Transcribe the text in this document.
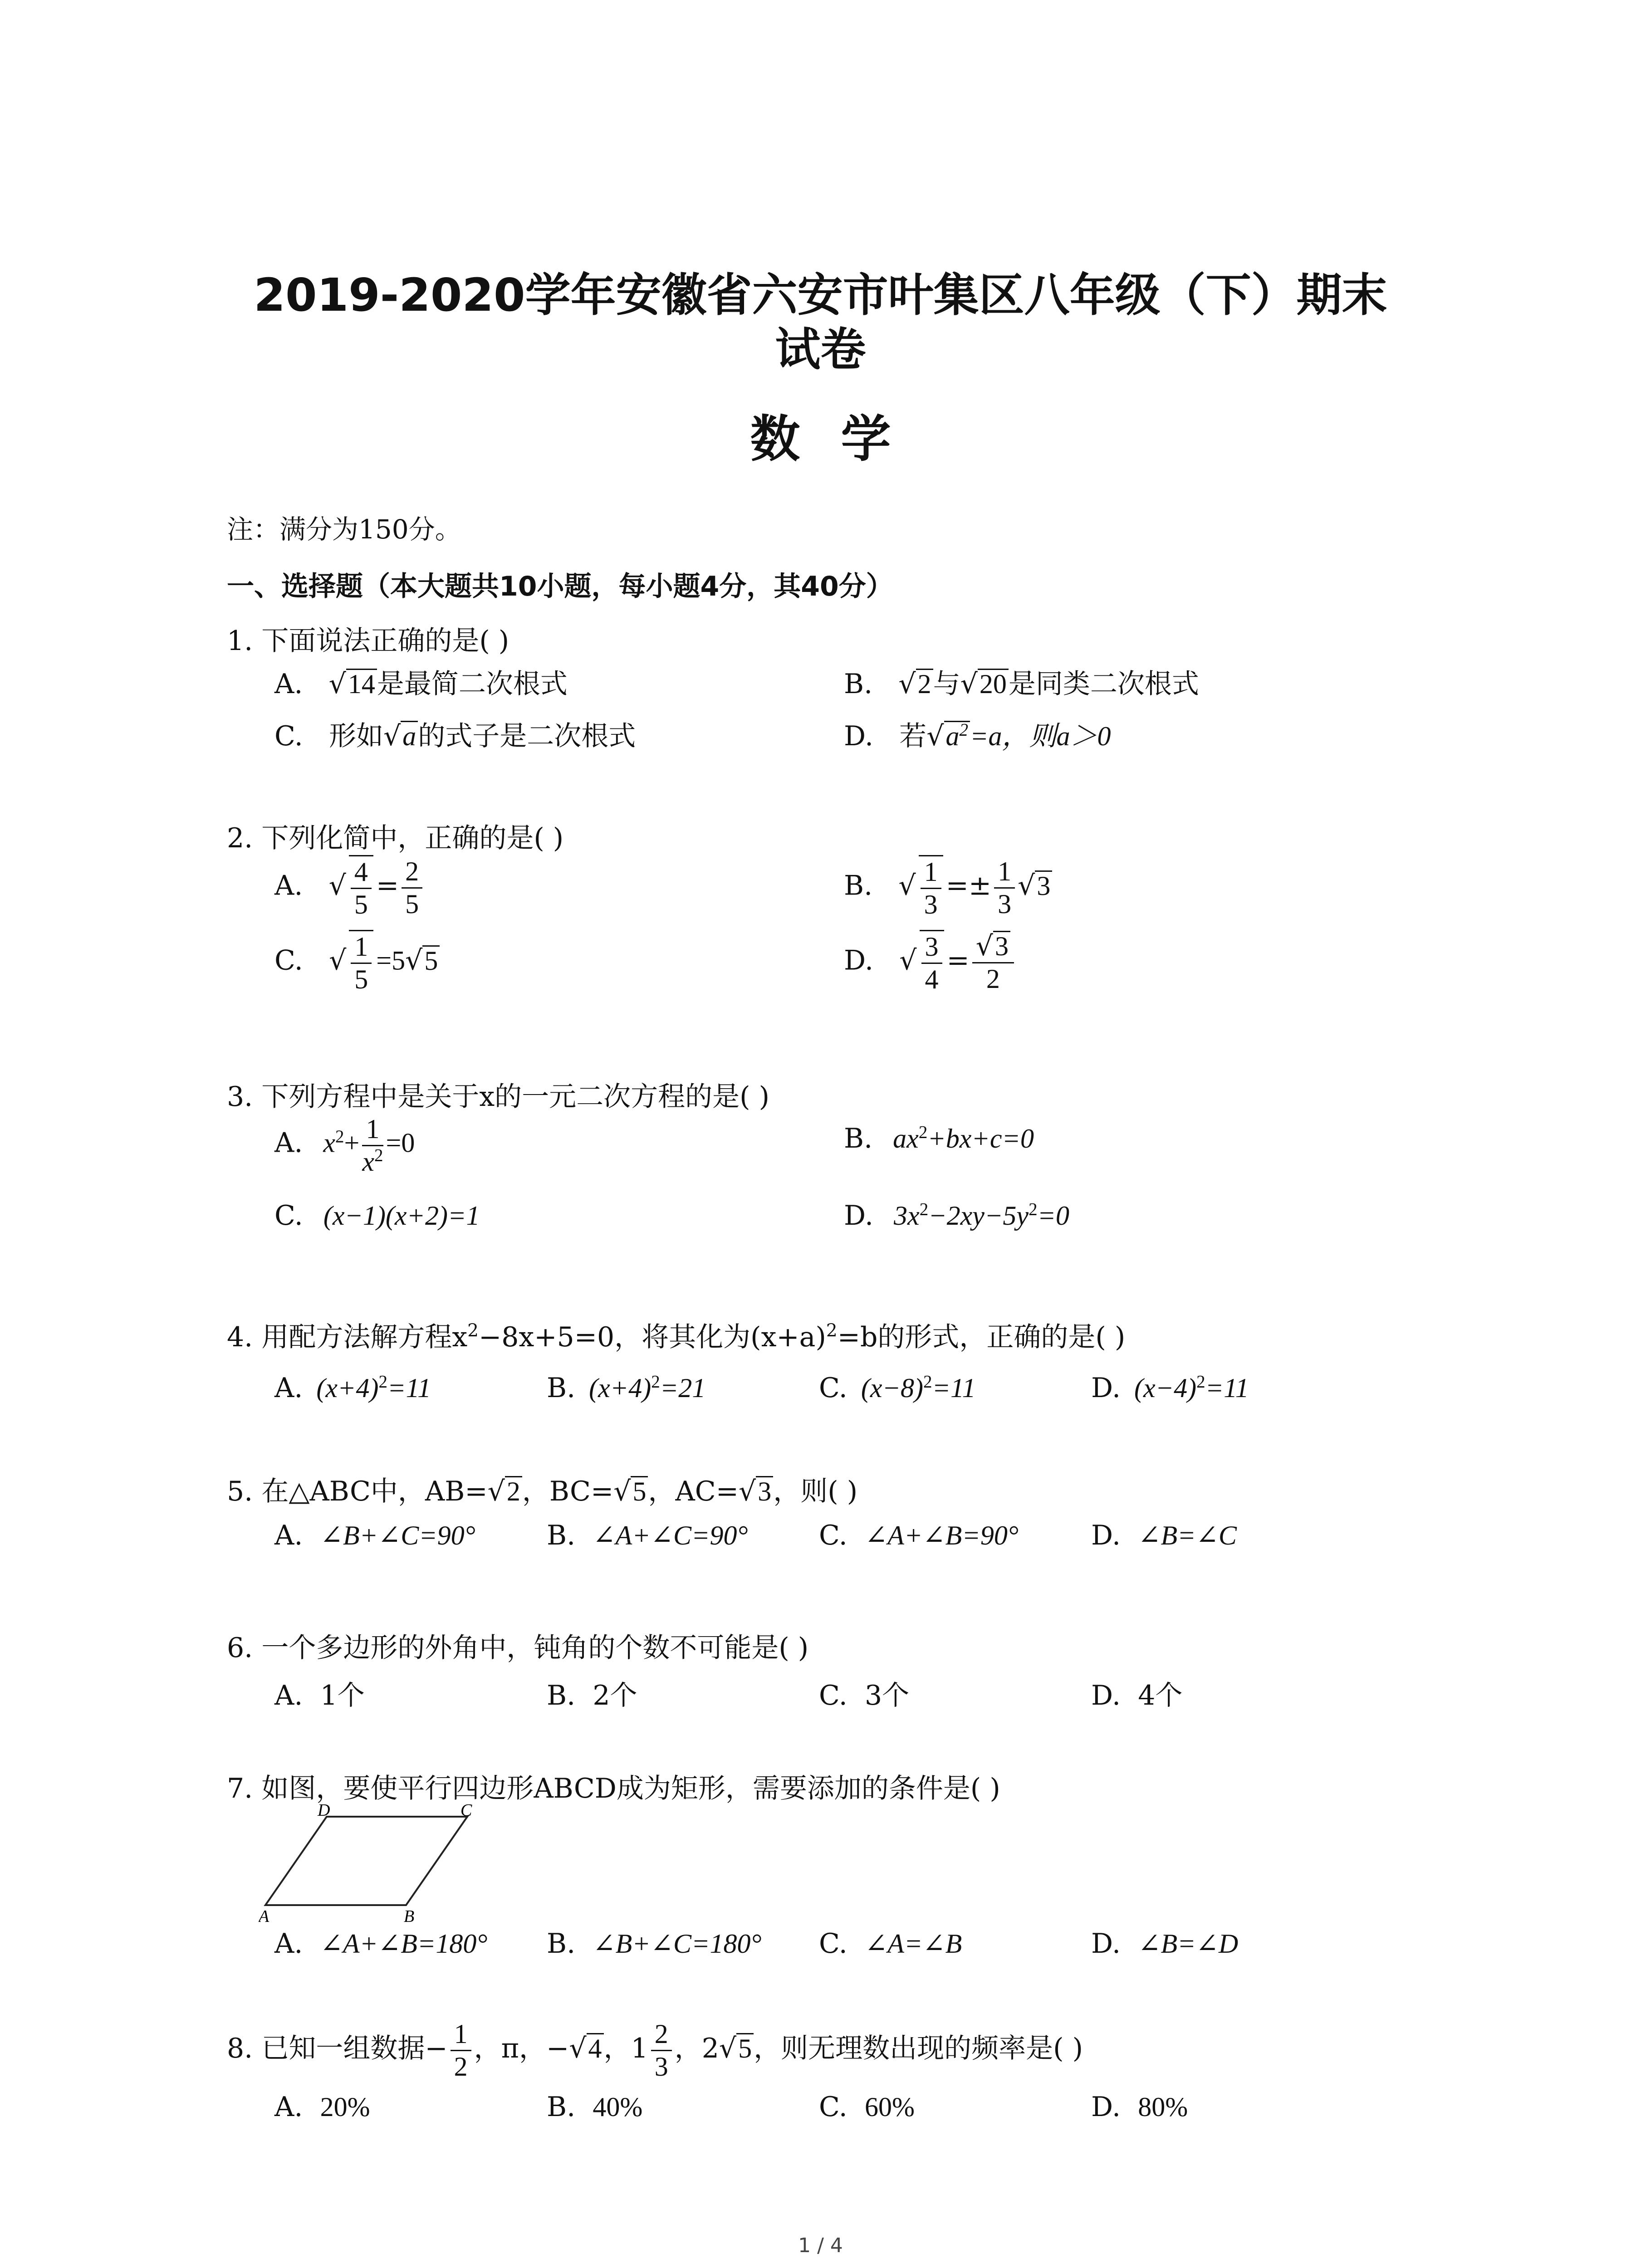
2019-2020学年安徽省六安市叶集区八年级（下）期末
试卷
数学
注：满分为150分。
一、选择题（本大题共10小题，每小题4分，其40分）
1. 下面说法正确的是( )
A. √14是最简二次根式	B. √2与√20是同类二次根式
C. 形如√a的式子是二次根式	D. 若$√a^2=a$，则a＞0
2. 下列化简中，正确的是( )
A. √ $\frac{4}{5} = \frac{2}{5}$	B. √ $\frac{1}{3} =\pm \frac{1}{3} √3$
C. √ $\frac{1}{5} =5√5$	D. √ $\frac{3}{4} = \frac{√3}{2}$
3. 下列方程中是关于x的一元二次方程的是( )
A. $x^2+ \frac{1}{x^2} =0$	B. $ax^2+bx+c=0$
C. (x−1)(x+2)=1	D. $3x^2-2xy-5y^2=0$
4. 用配方法解方程$x^2-8x+5=0$，将其化为$(x+a)^2=b$的形式，正确的是( )
A. $(x+4)^2=11$	B. $(x+4)^2=21$	C. $(x-8)^2=11$	D. $(x-4)^2=11$
5. 在△ABC中，AB=√2，BC=√5，AC=√3，则( )
A. ∠B+∠C=90°	B. ∠A+∠C=90°	C. ∠A+∠B=90°	D. ∠B=∠C
6. 一个多边形的外角中，钝角的个数不可能是( )
A. 1个	B. 2个	C. 3个	D. 4个
7. 如图，要使平行四边形ABCD成为矩形，需要添加的条件是( )
D	C
A	B
A. ∠A+∠B=180° B. ∠B+∠C=180° C. ∠A=∠B	D. ∠B=∠D
8. 已知一组数据− $\frac{1}{2}$ ，π，−√4，$1 \frac{2}{3}$ ，2√5，则无理数出现的频率是( )
A. 20%	B. 40%	C. 60%	D. 80%
1 / 4
